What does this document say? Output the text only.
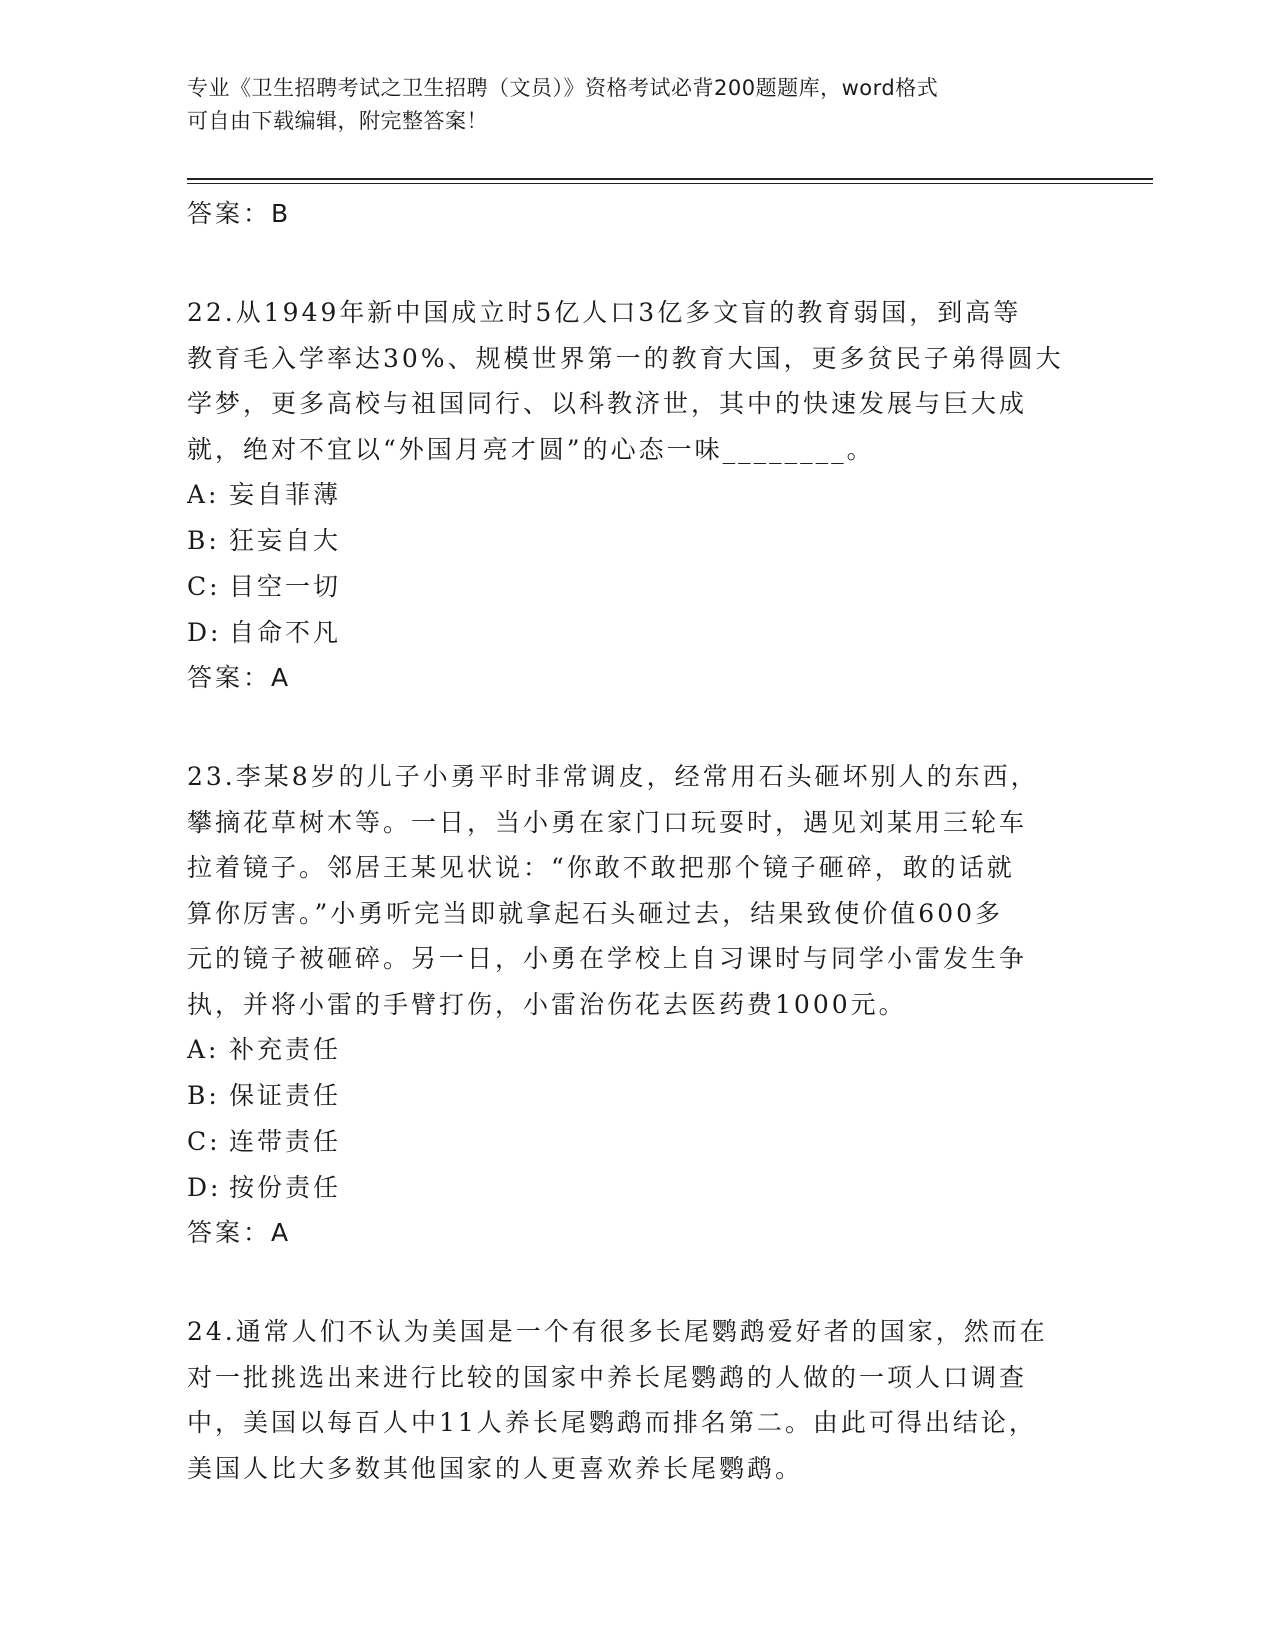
专业《卫生招聘考试之卫生招聘（文员）》资格考试必背200题题库，word格式
可自由下载编辑，附完整答案！

答案：B

22.从1949年新中国成立时5亿人口3亿多文盲的教育弱国，到高等

教育毛入学率达30%、规模世界第一的教育大国，更多贫民子弟得圆大

学梦，更多高校与祖国同行、以科教济世，其中的快速发展与巨大成

就，绝对不宜以“外国月亮才圆”的心态一味________。

A: 妄自菲薄
B: 狂妄自大
C: 目空一切
D: 自命不凡

答案：A

23.李某8岁的儿子小勇平时非常调皮，经常用石头砸坏别人的东西，

攀摘花草树木等。一日，当小勇在家门口玩耍时，遇见刘某用三轮车

拉着镜子。邻居王某见状说：“你敢不敢把那个镜子砸碎，敢的话就

算你厉害。”小勇听完当即就拿起石头砸过去，结果致使价值600多

元的镜子被砸碎。另一日，小勇在学校上自习课时与同学小雷发生争

执，并将小雷的手臂打伤，小雷治伤花去医药费1000元。

A: 补充责任
B: 保证责任
C: 连带责任
D: 按份责任

答案：A

24.通常人们不认为美国是一个有很多长尾鹦鹉爱好者的国家，然而在

对一批挑选出来进行比较的国家中养长尾鹦鹉的人做的一项人口调查

中，美国以每百人中11人养长尾鹦鹉而排名第二。由此可得出结论，

美国人比大多数其他国家的人更喜欢养长尾鹦鹉。
